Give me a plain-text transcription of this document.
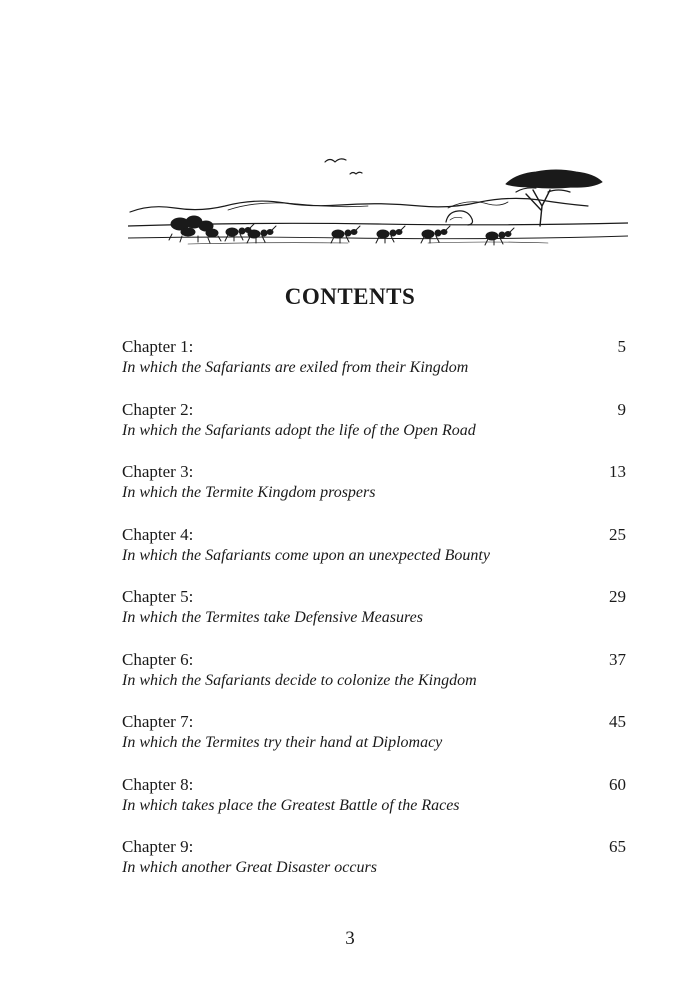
CONTENTS
Chapter 1:	5
In which the Safariants are exiled from their Kingdom
Chapter 2:	9
In which the Safariants adopt the life of the Open Road
Chapter 3:	13
In which the Termite Kingdom prospers
Chapter 4:	25
In which the Safariants come upon an unexpected Bounty
Chapter 5:	29
In which the Termites take Defensive Measures
Chapter 6:	37
In which the Safariants decide to colonize the Kingdom
Chapter 7:	45
In which the Termites try their hand at Diplomacy
Chapter 8:	60
In which takes place the Greatest Battle of the Races
Chapter 9:	65
In which another Great Disaster occurs
3
